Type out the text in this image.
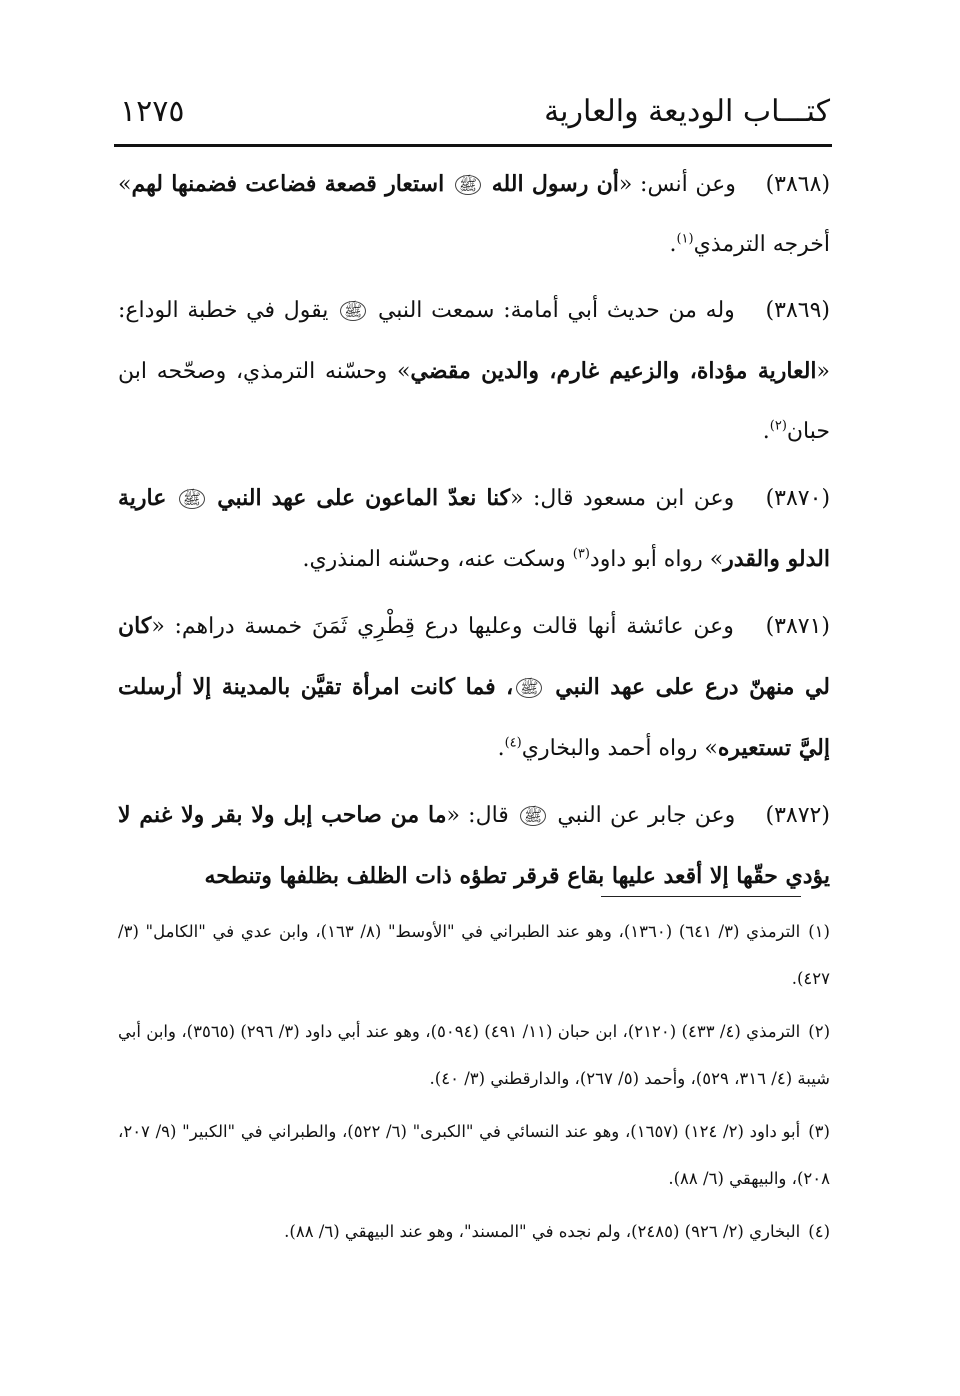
كتـــاب الوديعة والعارية
١٢٧٥

(٣٨٦٨) وعن أنس: «أن رسول الله ﷺ استعار قصعة فضاعت فضمنها لهم» أخرجه الترمذي$^{(١)}$.

(٣٨٦٩) وله من حديث أبي أمامة: سمعت النبي ﷺ يقول في خطبة الوداع: «العارية مؤداة، والزعيم غارم، والدين مقضي» وحسّنه الترمذي، وصحّحه ابن حبان$^{(٢)}$.

(٣٨٧٠) وعن ابن مسعود قال: «كنا نعدّ الماعون على عهد النبي ﷺ عارية الدلو والقدر» رواه أبو داود$^{(٣)}$ وسكت عنه، وحسّنه المنذري.

(٣٨٧١) وعن عائشة أنها قالت وعليها درع قِطْرِي ثَمَنَ خمسة دراهم: «كان لي منهنّ درع على عهد النبي ﷺ، فما كانت امرأة تقيَّن بالمدينة إلا أرسلت إليَّ تستعيره» رواه أحمد والبخاري$^{(٤)}$.

(٣٨٧٢) وعن جابر عن النبي ﷺ قال: «ما من صاحب إبل ولا بقر ولا غنم لا يؤدي حقّها إلا أقعد عليها بقاع قرقر تطؤه ذات الظلف بظلفها وتنطحه

(١)الترمذي (٣/ ٦٤١) (١٣٦٠)، وهو عند الطبراني في "الأوسط" (٨/ ١٦٣)، وابن عدي في "الكامل" (٣/ ٤٢٧).

(٢)الترمذي (٤/ ٤٣٣) (٢١٢٠)، ابن حبان (١١/ ٤٩١) (٥٠٩٤)، وهو عند أبي داود (٣/ ٢٩٦) (٣٥٦٥)، وابن أبي شيبة (٤/ ٣١٦، ٥٢٩)، وأحمد (٥/ ٢٦٧)، والدارقطني (٣/ ٤٠).

(٣)أبو داود (٢/ ١٢٤) (١٦٥٧)، وهو عند النسائي في "الكبرى" (٦/ ٥٢٢)، والطبراني في "الكبير" (٩/ ٢٠٧، ٢٠٨)، والبيهقي (٦/ ٨٨).

(٤)البخاري (٢/ ٩٢٦) (٢٤٨٥)، ولم نجده في "المسند"، وهو عند البيهقي (٦/ ٨٨).
